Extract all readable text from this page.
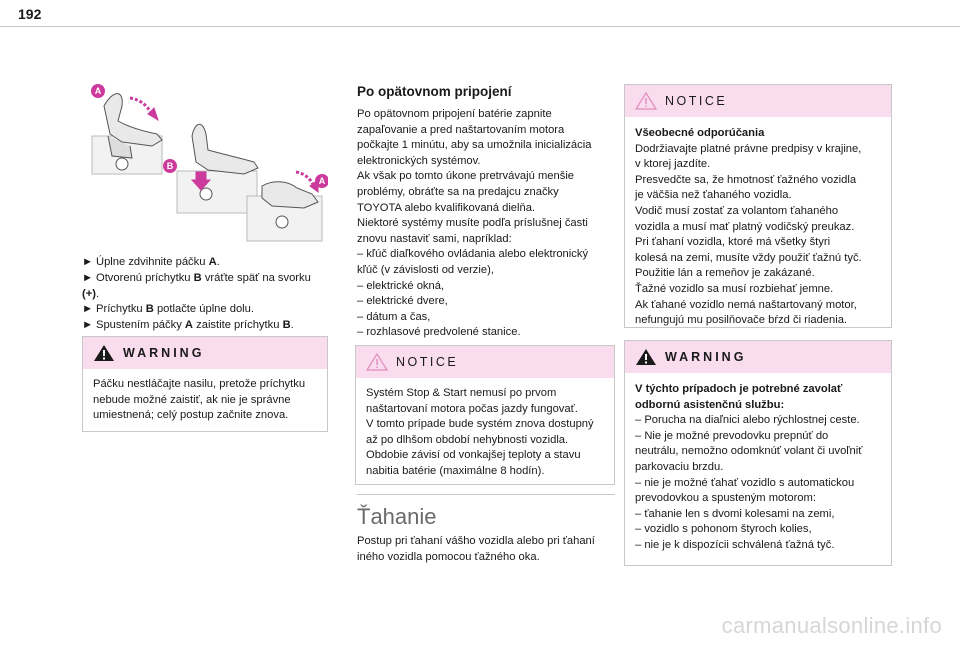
192
A
B
A
► Úplne zdvihnite páčku A.
► Otvorenú príchytku B vráťte späť na svorku
(+).
► Príchytku B potlačte úplne dolu.
► Spustením páčky A zaistite príchytku B.
WARNING
Páčku nestláčajte nasilu, pretože príchytku
nebude možné zaistiť, ak nie je správne
umiestnená; celý postup začnite znova.
Po opätovnom pripojení
Po opätovnom pripojení batérie zapnite
zapaľovanie a pred naštartovaním motora
počkajte 1 minútu, aby sa umožnila inicializácia
elektronických systémov.
Ak však po tomto úkone pretrvávajú menšie
problémy, obráťte sa na predajcu značky
TOYOTA alebo kvalifikovaná dielňa.
Niektoré systémy musíte podľa príslušnej časti
znovu nastaviť sami, napríklad:
– kľúč diaľkového ovládania alebo elektronický
kľúč (v závislosti od verzie),
– elektrické okná,
– elektrické dvere,
– dátum a čas,
– rozhlasové predvolené stanice.
NOTICE
Systém Stop & Start nemusí po prvom
naštartovaní motora počas jazdy fungovať.
V tomto prípade bude systém znova dostupný
až po dlhšom období nehybnosti vozidla.
Obdobie závisí od vonkajšej teploty a stavu
nabitia batérie (maximálne 8 hodín).
Ťahanie
Postup pri ťahaní vášho vozidla alebo pri ťahaní
iného vozidla pomocou ťažného oka.
NOTICE
Všeobecné odporúčania
Dodržiavajte platné právne predpisy v krajine,
v ktorej jazdíte.
Presvedčte sa, že hmotnosť ťažného vozidla
je väčšia než ťahaného vozidla.
Vodič musí zostať za volantom ťahaného
vozidla a musí mať platný vodičský preukaz.
Pri ťahaní vozidla, ktoré má všetky štyri
kolesá na zemi, musíte vždy použiť ťažnú tyč.
Použitie lán a remeňov je zakázané.
Ťažné vozidlo sa musí rozbiehať jemne.
Ak ťahané vozidlo nemá naštartovaný motor,
nefungujú mu posilňovače bŕzd či riadenia.
WARNING
V týchto prípadoch je potrebné zavolať
odbornú asistenčnú službu:
– Porucha na diaľnici alebo rýchlostnej ceste.
– Nie je možné prevodovku prepnúť do
neutrálu, nemožno odomknúť volant či uvoľniť
parkovaciu brzdu.
– nie je možné ťahať vozidlo s automatickou
prevodovkou a spusteným motorom:
– ťahanie len s dvomi kolesami na zemi,
– vozidlo s pohonom štyroch kolies,
– nie je k dispozícii schválená ťažná tyč.
carmanualsonline.info
